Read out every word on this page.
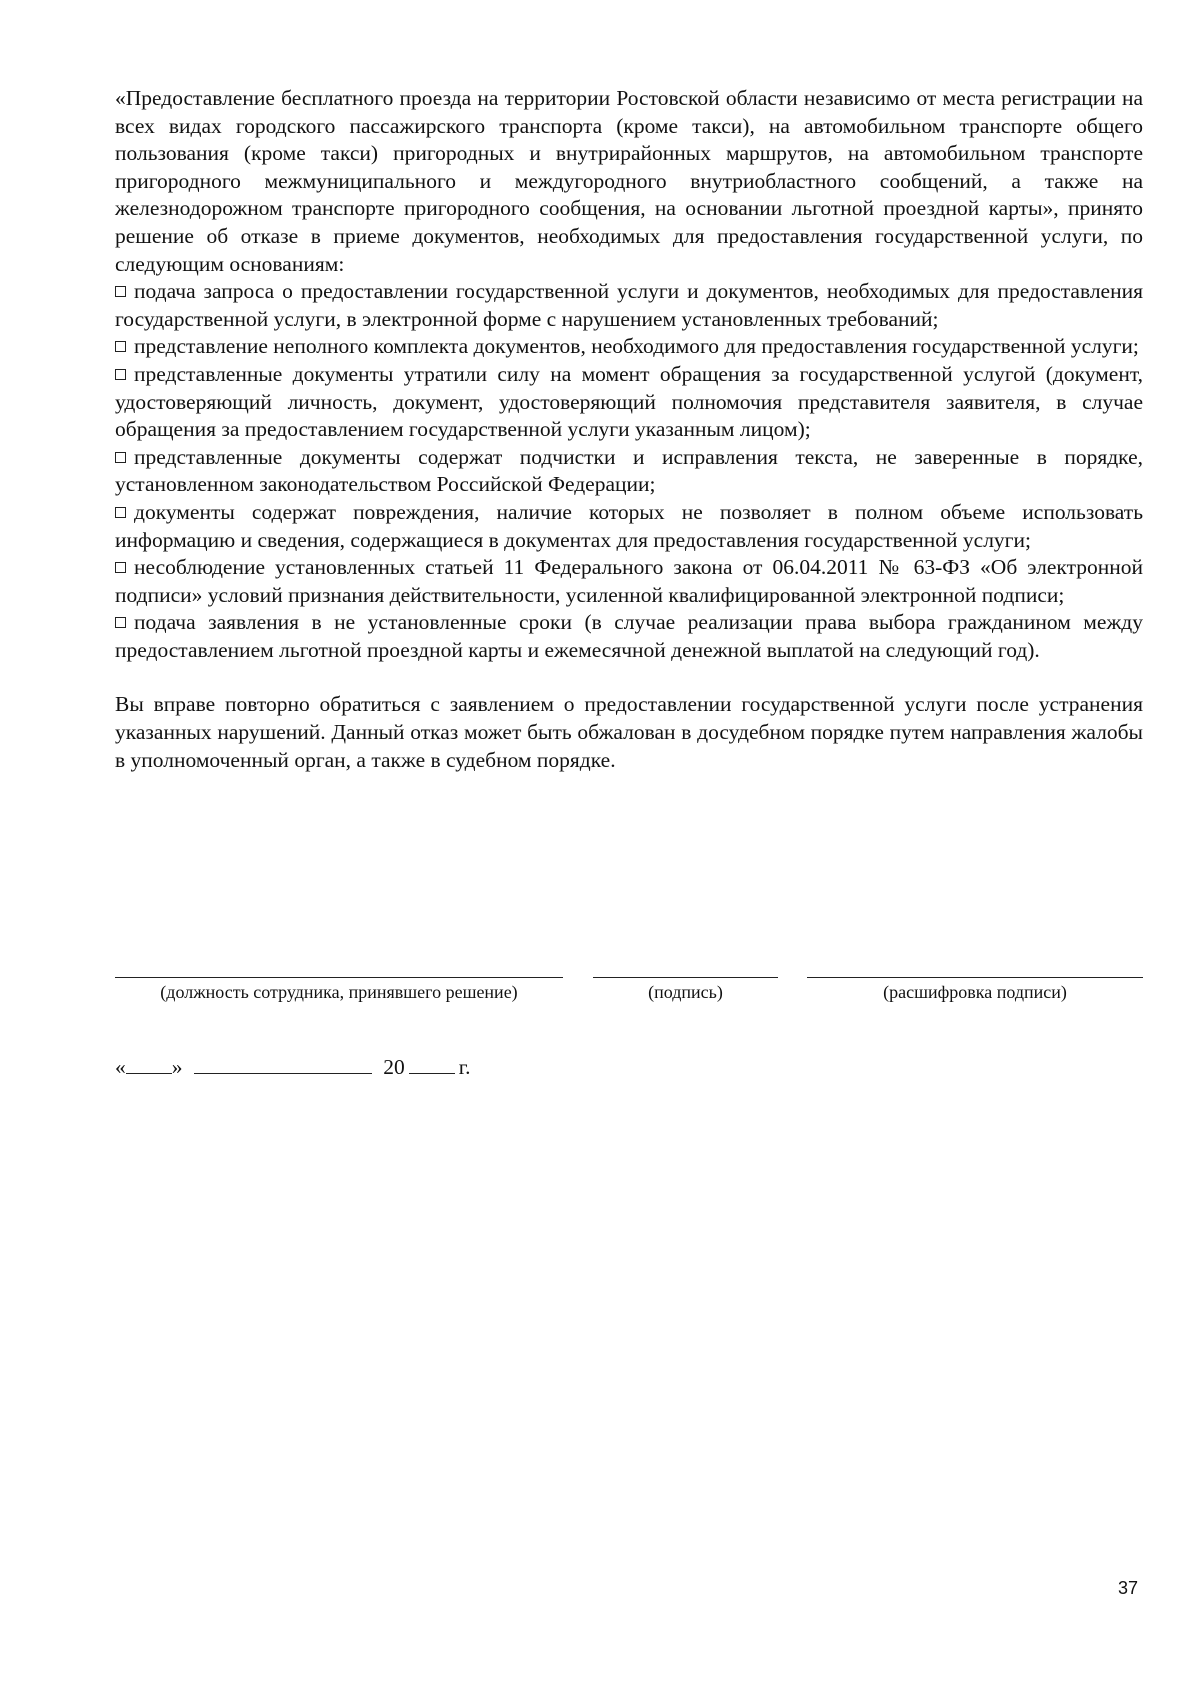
«Предоставление бесплатного проезда на территории Ростовской области независимо от места регистрации на всех видах городского пассажирского транспорта (кроме такси), на автомобильном транспорте общего пользования (кроме такси) пригородных и внутрирайонных маршрутов, на автомобильном транспорте пригородного межмуниципального и междугородного внутриобластного сообщений, а также на железнодорожном транспорте пригородного сообщения, на основании льготной проездной карты», принято решение об отказе в приеме документов, необходимых для предоставления государственной услуги, по следующим основаниям:

подача запроса о предоставлении государственной услуги и документов, необходимых для предоставления государственной услуги, в электронной форме с нарушением установленных требований;

представление неполного комплекта документов, необходимого для предоставления государственной услуги;

представленные документы утратили силу на момент обращения за государственной услугой (документ, удостоверяющий личность, документ, удостоверяющий полномочия представителя заявителя, в случае обращения за предоставлением государственной услуги указанным лицом);

представленные документы содержат подчистки и исправления текста, не заверенные в порядке, установленном законодательством Российской Федерации;

документы содержат повреждения, наличие которых не позволяет в полном объеме использовать информацию и сведения, содержащиеся в документах для предоставления государственной услуги;

несоблюдение установленных статьей 11 Федерального закона от 06.04.2011 № 63-ФЗ «Об электронной подписи» условий признания действительности, усиленной квалифицированной электронной подписи;

подача заявления в не установленные сроки (в случае реализации права выбора гражданином между предоставлением льготной проездной карты и ежемесячной денежной выплатой на следующий год).

Вы вправе повторно обратиться с заявлением о предоставлении государственной услуги после устранения указанных нарушений. Данный отказ может быть обжалован в досудебном порядке путем направления жалобы в уполномоченный орган, а также в судебном порядке.

(должность сотрудника, принявшего решение)	(подпись)	(расшифровка подписи)
« »	20	г.
37
